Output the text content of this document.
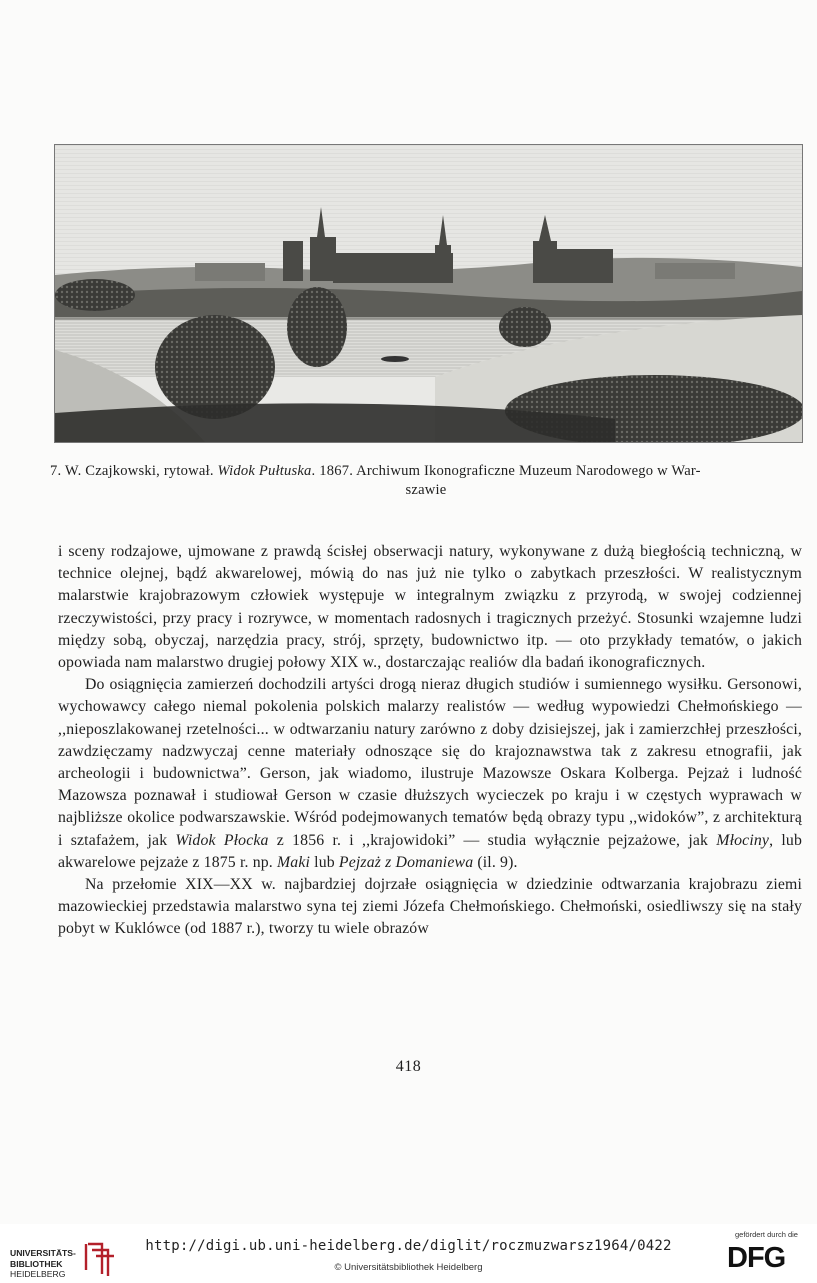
7. W. Czajkowski, rytował. Widok Pułtuska. 1867. Archiwum Ikonograficzne Muzeum Narodowego w War-
szawie

i sceny rodzajowe, ujmowane z prawdą ścisłej obserwacji natury, wykonywane z dużą biegłością techniczną, w technice olejnej, bądź akwarelowej, mówią do nas już nie tylko o zabytkach przeszłości. W realistycznym malarstwie krajobrazowym człowiek występuje w integralnym związku z przyrodą, w swojej codziennej rzeczywistości, przy pracy i rozrywce, w momentach radosnych i tragicznych przeżyć. Stosunki wzajemne ludzi między sobą, obyczaj, narzędzia pracy, strój, sprzęty, budownictwo itp. — oto przykłady tematów, o jakich opowiada nam malarstwo drugiej połowy XIX w., dostarczając realiów dla badań ikonograficznych.

Do osiągnięcia zamierzeń dochodzili artyści drogą nieraz długich studiów i sumiennego wysiłku. Gersonowi, wychowawcy całego niemal pokolenia polskich malarzy realistów — według wypowiedzi Chełmońskiego — ,,nieposzlakowanej rzetelności... w odtwarzaniu natury zarówno z doby dzisiejszej, jak i zamierzchłej przeszłości, zawdzięczamy nadzwyczaj cenne materiały odnoszące się do krajoznawstwa tak z zakresu etnografii, jak archeologii i budownictwa”. Gerson, jak wiadomo, ilustruje Mazowsze Oskara Kolberga. Pejzaż i ludność Mazowsza poznawał i studiował Gerson w czasie dłuższych wycieczek po kraju i w częstych wyprawach w najbliższe okolice podwarszawskie. Wśród podejmowanych tematów będą obrazy typu ,,widoków”, z architekturą i sztafażem, jak Widok Płocka z 1856 r. i ,,krajowidoki” — studia wyłącznie pejzażowe, jak Młociny, lub akwarelowe pejzaże z 1875 r. np. Maki lub Pejzaż z Domaniewa (il. 9).

Na przełomie XIX—XX w. najbardziej dojrzałe osiągnięcia w dziedzinie odtwarzania krajobrazu ziemi mazowieckiej przedstawia malarstwo syna tej ziemi Józefa Chełmońskiego. Chełmoński, osiedliwszy się na stały pobyt w Kuklówce (od 1887 r.), tworzy tu wiele obrazów

418
UNIVERSITÄTS-
BIBLIOTHEK
HEIDELBERG
http://digi.ub.uni-heidelberg.de/diglit/roczmuzwarsz1964/0422
© Universitätsbibliothek Heidelberg
gefördert durch die
DFG
